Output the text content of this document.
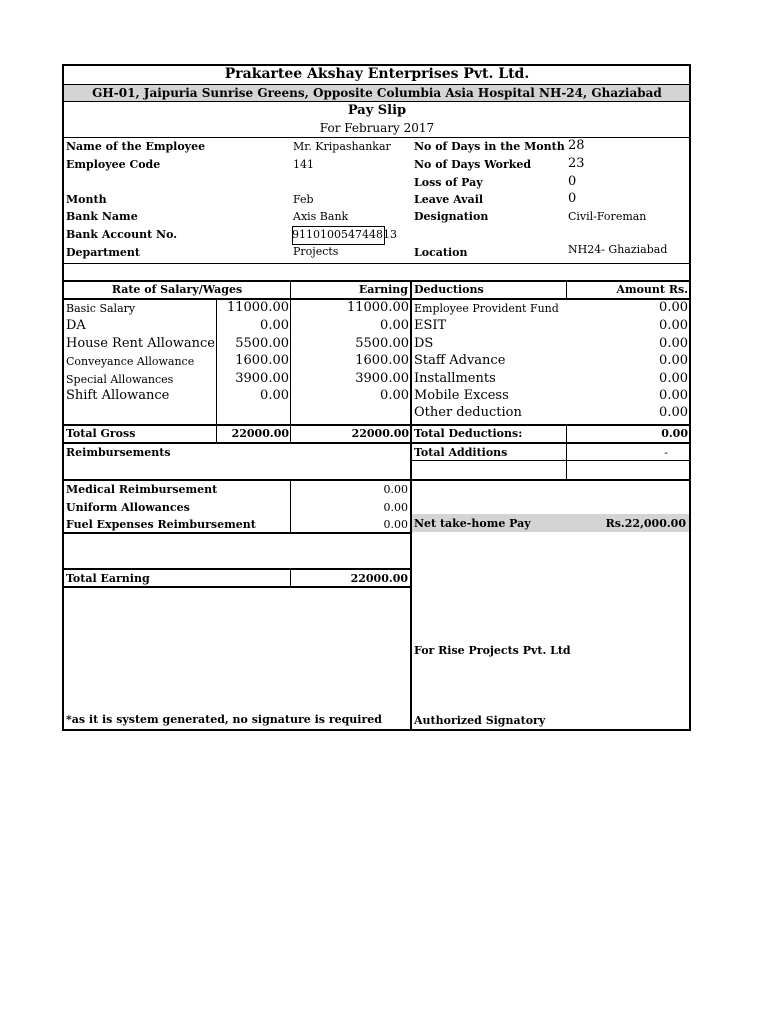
Prakartee Akshay Enterprises Pvt. Ltd.
GH-01, Jaipuria Sunrise Greens, Opposite Columbia Asia Hospital NH-24, Ghaziabad
Pay Slip
For February 2017
Name of the Employee	Mr. Kripashankar
Employee Code	141
Month	Feb
Bank Name	Axis Bank
Bank Account No.	911010054744813
Department	Projects
No of Days in the Month 28
No of Days Worked	23
Loss of Pay	0
Leave Avail	0
Designation	Civil-Foreman
Location	NH24- Ghaziabad
Rate of Salary/Wages	Earning Deductions	Amount Rs.
Basic Salary	11000.00	11000.00
DA	0.00	0.00
House Rent Allowance	5500.00	5500.00
Conveyance Allowance	1600.00	1600.00
Special Allowances	3900.00	3900.00
Shift Allowance	0.00	0.00
Employee Provident Fund	0.00
ESIT	0.00
DS	0.00
Staff Advance	0.00
Installments	0.00
Mobile Excess	0.00
Other deduction	0.00
Total Gross	22000.00	22000.00 Total Deductions:	0.00
Reimbursements	Total Additions	-
Medical Reimbursement	0.00
Uniform Allowances	0.00
Fuel Expenses Reimbursement	0.00 Net take-home Pay	Rs.22,000.00
Total Earning	22000.00
For Rise Projects Pvt. Ltd
*as it is system generated, no signature is required	Authorized Signatory
